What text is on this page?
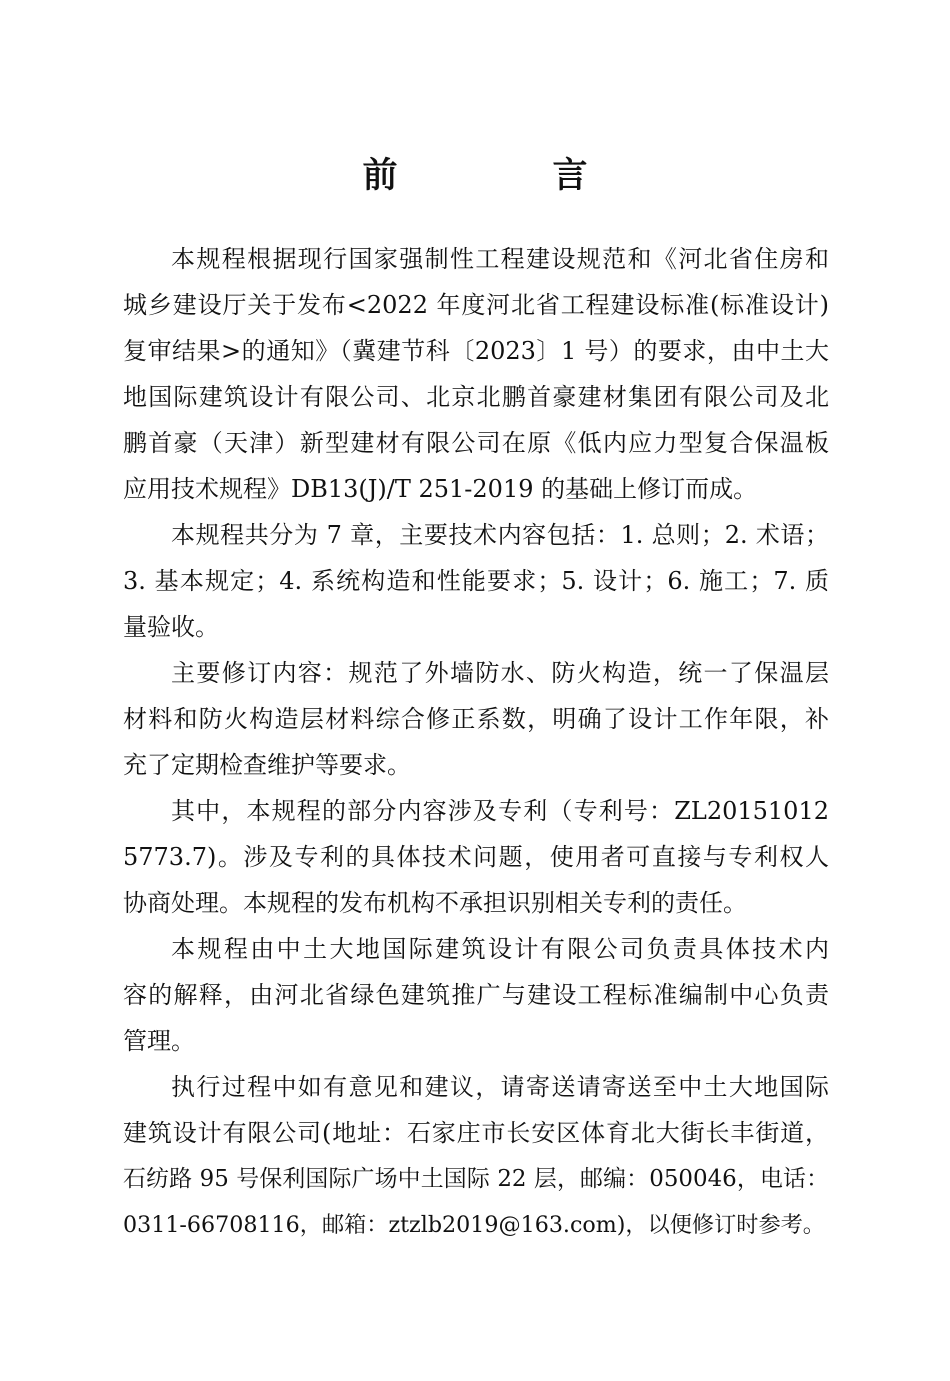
前　言

本规程根据现行国家强制性工程建设规范和《河北省住房和
城乡建设厅关于发布<2022 年度河北省工程建设标准(标准设计)
复审结果>的通知》（冀建节科〔2023〕1 号）的要求，由中土大
地国际建筑设计有限公司、北京北鹏首豪建材集团有限公司及北
鹏首豪（天津）新型建材有限公司在原《低内应力型复合保温板
应用技术规程》DB13(J)/T 251-2019 的基础上修订而成。

本规程共分为 7 章，主要技术内容包括：1. 总则；2. 术语；
3. 基本规定；4. 系统构造和性能要求；5. 设计；6. 施工；7. 质
量验收。

主要修订内容：规范了外墙防水、防火构造，统一了保温层
材料和防火构造层材料综合修正系数，明确了设计工作年限，补
充了定期检查维护等要求。

其中，本规程的部分内容涉及专利（专利号：ZL20151012
5773.7)。涉及专利的具体技术问题，使用者可直接与专利权人
协商处理。本规程的发布机构不承担识别相关专利的责任。

本规程由中土大地国际建筑设计有限公司负责具体技术内
容的解释，由河北省绿色建筑推广与建设工程标准编制中心负责
管理。

执行过程中如有意见和建议，请寄送请寄送至中土大地国际
建筑设计有限公司(地址：石家庄市长安区体育北大街长丰街道，
石纺路 95 号保利国际广场中土国际 22 层，邮编：050046，电话：
0311-66708116，邮箱：ztzlb2019@163.com)，以便修订时参考。
